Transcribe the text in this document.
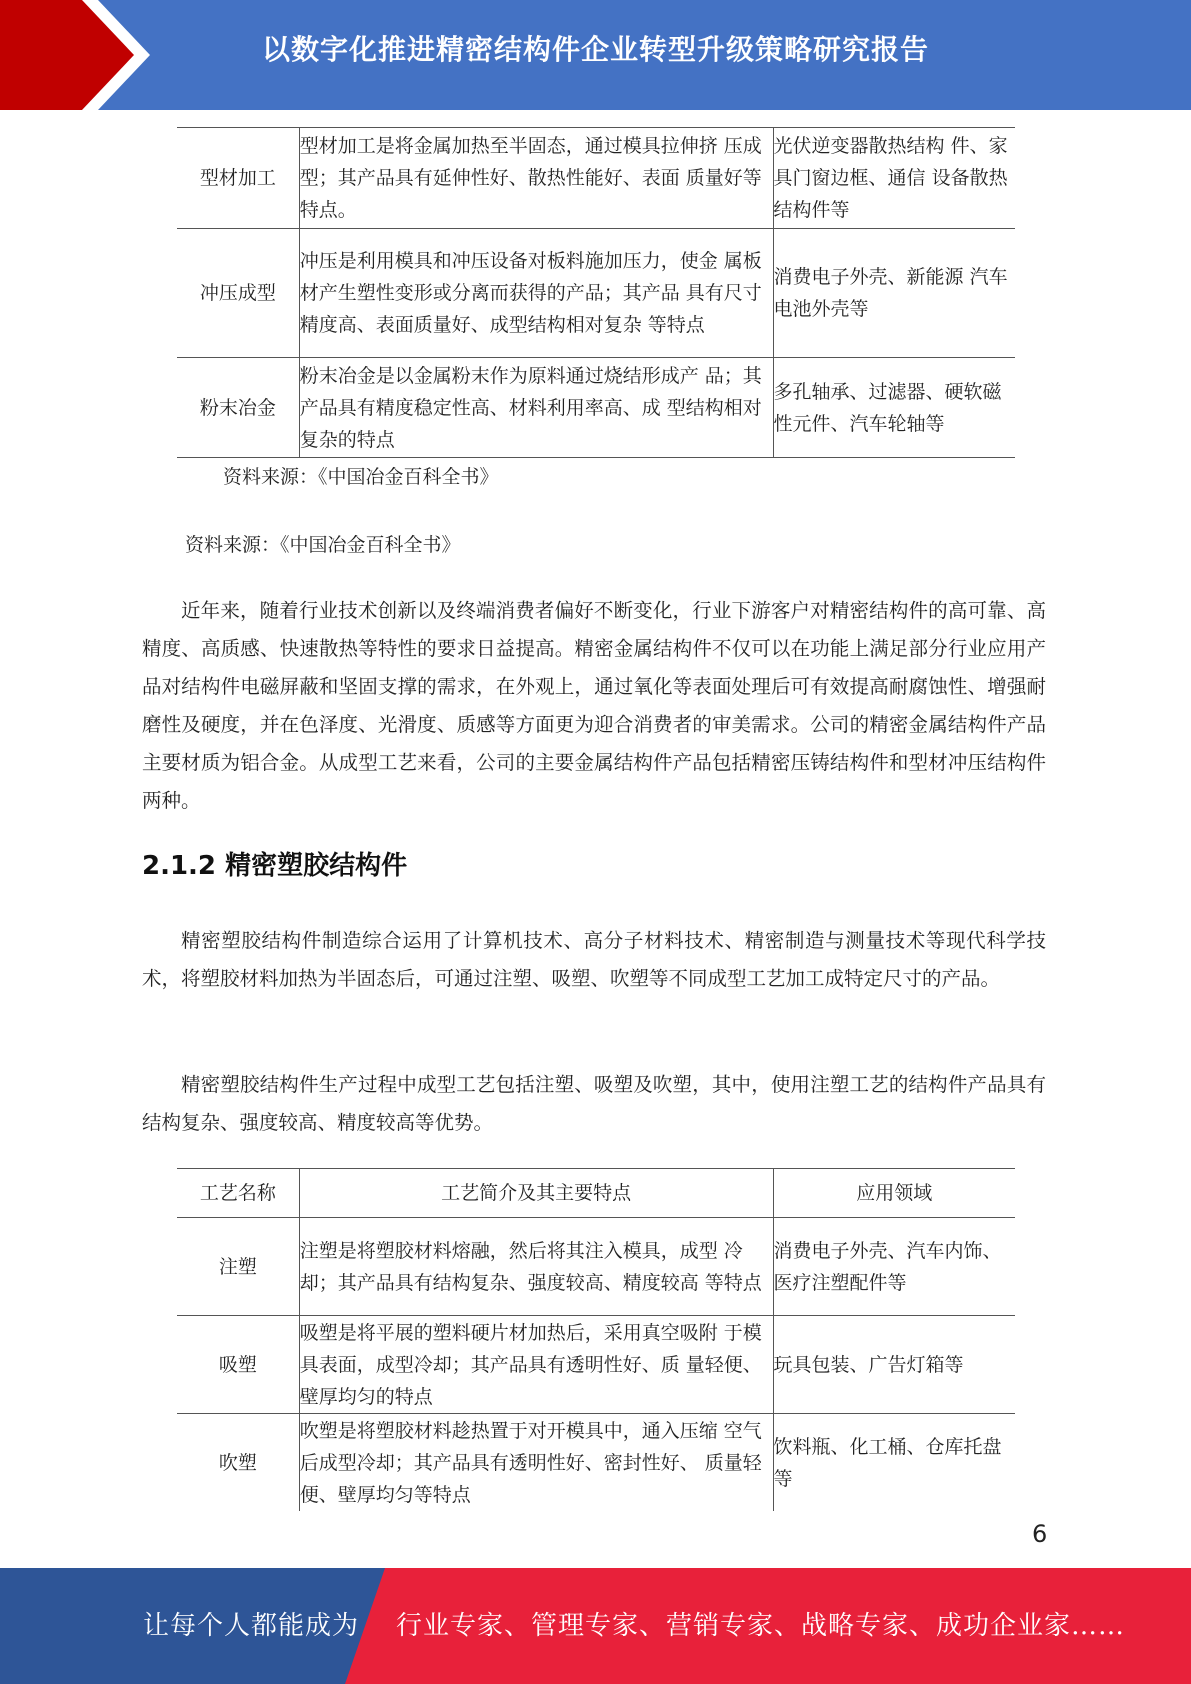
以数字化推进精密结构件企业转型升级策略研究报告
型材加工	型材加工是将金属加热至半固态，通过模具拉伸挤 压成型；其产品具有延伸性好、散热性能好、表面 质量好等特点。	光伏逆变器散热结构 件、家具门窗边框、通信 设备散热结构件等
冲压成型	冲压是利用模具和冲压设备对板料施加压力，使金 属板材产生塑性变形或分离而获得的产品；其产品 具有尺寸精度高、表面质量好、成型结构相对复杂 等特点	消费电子外壳、新能源 汽车电池外壳等
粉末冶金	粉末冶金是以金属粉末作为原料通过烧结形成产 品；其产品具有精度稳定性高、材料利用率高、成 型结构相对复杂的特点	多孔轴承、过滤器、硬软磁性元件、汽车轮轴等
资料来源：《中国冶金百科全书》
资料来源：《中国冶金百科全书》

近年来，随着行业技术创新以及终端消费者偏好不断变化，行业下游客户对精密结构件的高可靠、高精度、高质感、快速散热等特性的要求日益提高。精密金属结构件不仅可以在功能上满足部分行业应用产品对结构件电磁屏蔽和坚固支撑的需求，在外观上，通过氧化等表面处理后可有效提高耐腐蚀性、增强耐磨性及硬度，并在色泽度、光滑度、质感等方面更为迎合消费者的审美需求。公司的精密金属结构件产品主要材质为铝合金。从成型工艺来看，公司的主要金属结构件产品包括精密压铸结构件和型材冲压结构件两种。

2.1.2 精密塑胶结构件

精密塑胶结构件制造综合运用了计算机技术、高分子材料技术、精密制造与测量技术等现代科学技术，将塑胶材料加热为半固态后，可通过注塑、吸塑、吹塑等不同成型工艺加工成特定尺寸的产品。

精密塑胶结构件生产过程中成型工艺包括注塑、吸塑及吹塑，其中，使用注塑工艺的结构件产品具有结构复杂、强度较高、精度较高等优势。

工艺名称	工艺简介及其主要特点	应用领域
注塑	注塑是将塑胶材料熔融，然后将其注入模具，成型 冷却；其产品具有结构复杂、强度较高、精度较高 等特点	消费电子外壳、汽车内饰、医疗注塑配件等
吸塑	吸塑是将平展的塑料硬片材加热后，采用真空吸附 于模具表面，成型冷却；其产品具有透明性好、质 量轻便、壁厚均匀的特点	玩具包装、广告灯箱等
吹塑	吹塑是将塑胶材料趁热置于对开模具中，通入压缩 空气后成型冷却；其产品具有透明性好、密封性好、 质量轻便、壁厚均匀等特点	饮料瓶、化工桶、仓库托盘等
6
让每个人都能成为 行业专家、管理专家、营销专家、战略专家、成功企业家……
